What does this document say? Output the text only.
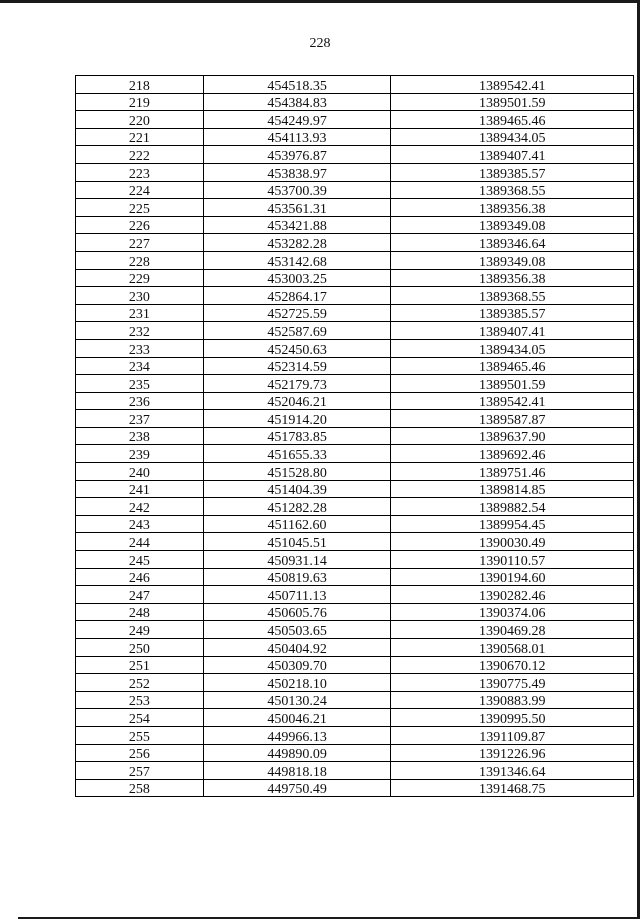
228
218	454518.35	1389542.41
219	454384.83	1389501.59
220	454249.97	1389465.46
221	454113.93	1389434.05
222	453976.87	1389407.41
223	453838.97	1389385.57
224	453700.39	1389368.55
225	453561.31	1389356.38
226	453421.88	1389349.08
227	453282.28	1389346.64
228	453142.68	1389349.08
229	453003.25	1389356.38
230	452864.17	1389368.55
231	452725.59	1389385.57
232	452587.69	1389407.41
233	452450.63	1389434.05
234	452314.59	1389465.46
235	452179.73	1389501.59
236	452046.21	1389542.41
237	451914.20	1389587.87
238	451783.85	1389637.90
239	451655.33	1389692.46
240	451528.80	1389751.46
241	451404.39	1389814.85
242	451282.28	1389882.54
243	451162.60	1389954.45
244	451045.51	1390030.49
245	450931.14	1390110.57
246	450819.63	1390194.60
247	450711.13	1390282.46
248	450605.76	1390374.06
249	450503.65	1390469.28
250	450404.92	1390568.01
251	450309.70	1390670.12
252	450218.10	1390775.49
253	450130.24	1390883.99
254	450046.21	1390995.50
255	449966.13	1391109.87
256	449890.09	1391226.96
257	449818.18	1391346.64
258	449750.49	1391468.75
